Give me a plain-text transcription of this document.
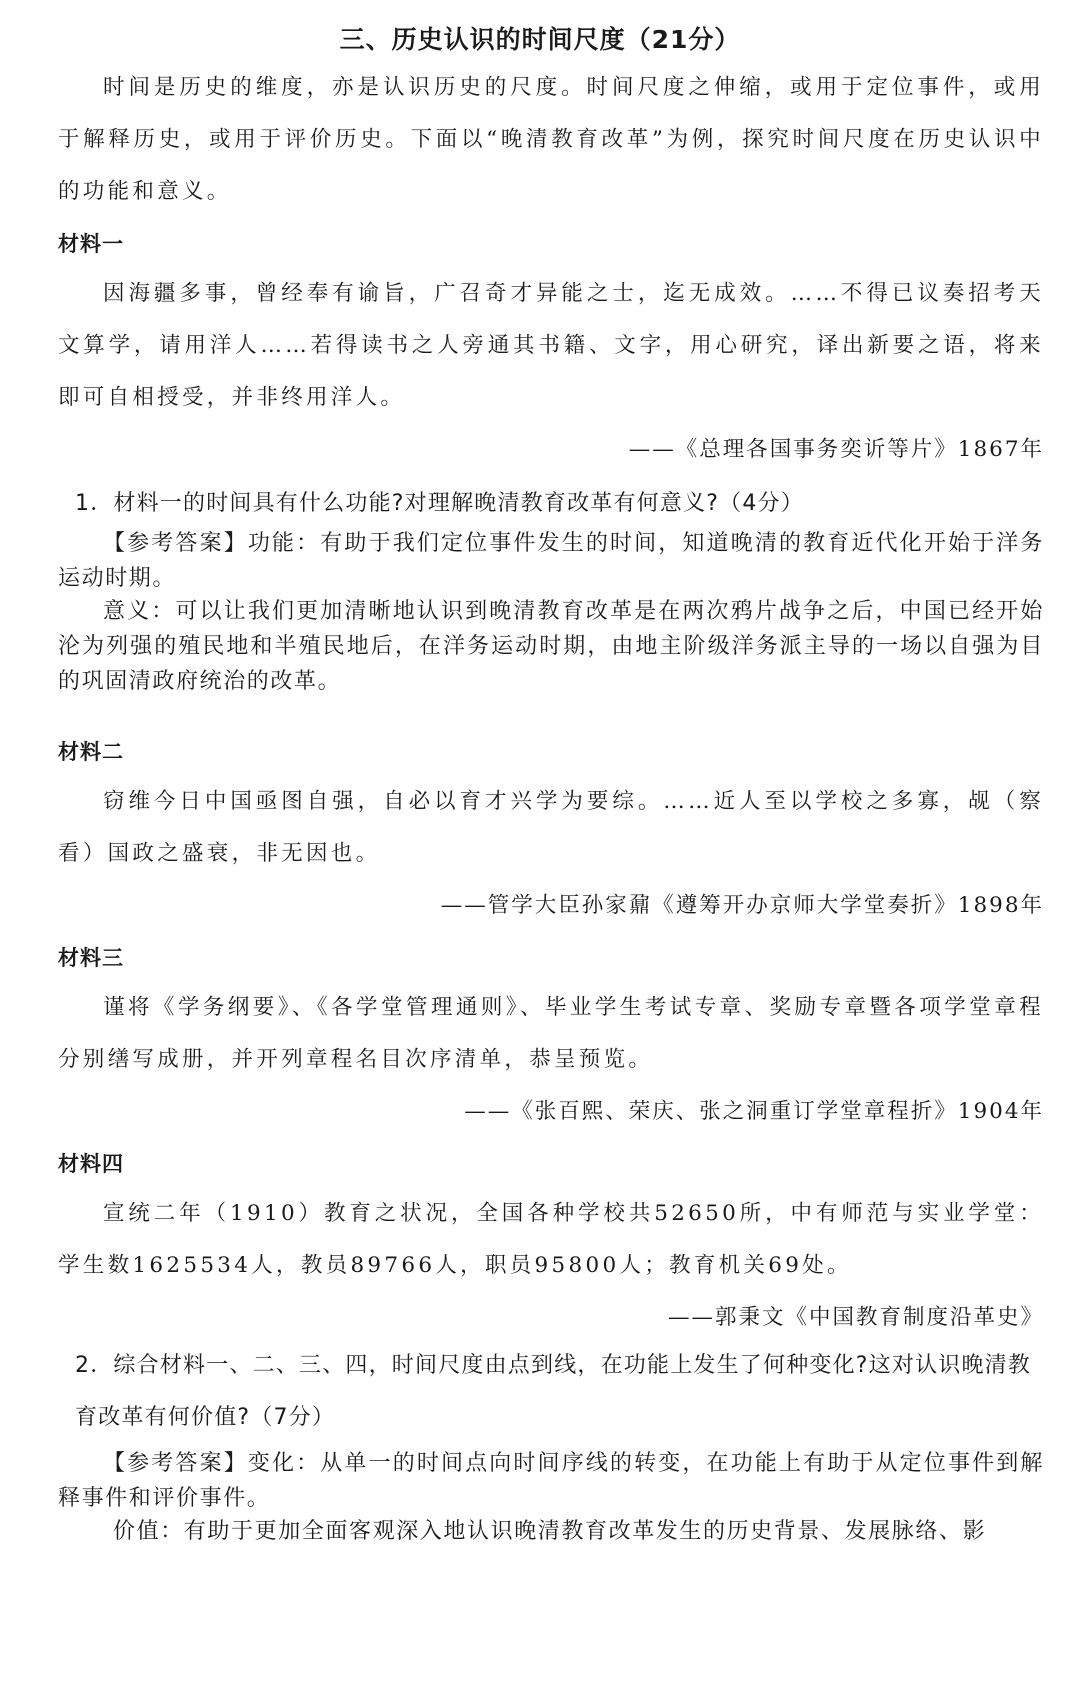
三、历史认识的时间尺度（21分）

时间是历史的维度，亦是认识历史的尺度。时间尺度之伸缩，或用于定位事件，或用于解释历史，或用于评价历史。下面以“晚清教育改革”为例，探究时间尺度在历史认识中的功能和意义。

材料一

因海疆多事，曾经奉有谕旨，广召奇才异能之士，迄无成效。……不得已议奏招考天文算学，请用洋人……若得读书之人旁通其书籍、文字，用心研究，译出新要之语，将来即可自相授受，并非终用洋人。

——《总理各国事务奕䜣等片》1867年
1．材料一的时间具有什么功能?对理解晚清教育改革有何意义?（4分）

【参考答案】功能：有助于我们定位事件发生的时间，知道晚清的教育近代化开始于洋务运动时期。

意义：可以让我们更加清晰地认识到晚清教育改革是在两次鸦片战争之后，中国已经开始沦为列强的殖民地和半殖民地后，在洋务运动时期，由地主阶级洋务派主导的一场以自强为目的巩固清政府统治的改革。

材料二

窃维今日中国亟图自强，自必以育才兴学为要综。……近人至以学校之多寡，觇（察看）国政之盛衰，非无因也。

——管学大臣孙家鼐《遵筹开办京师大学堂奏折》1898年
材料三

谨将《学务纲要》、《各学堂管理通则》、毕业学生考试专章、奖励专章暨各项学堂章程分别缮写成册，并开列章程名目次序清单，恭呈预览。

——《张百熙、荣庆、张之洞重订学堂章程折》1904年
材料四

宣统二年（1910）教育之状况，全国各种学校共52650所，中有师范与实业学堂：学生数1625534人，教员89766人，职员95800人；教育机关69处。

——郭秉文《中国教育制度沿革史》
2．综合材料一、二、三、四，时间尺度由点到线，在功能上发生了何种变化?这对认识晚清教育改革有何价值?（7分）

【参考答案】变化：从单一的时间点向时间序线的转变，在功能上有助于从定位事件到解释事件和评价事件。

价值：有助于更加全面客观深入地认识晚清教育改革发生的历史背景、发展脉络、影
